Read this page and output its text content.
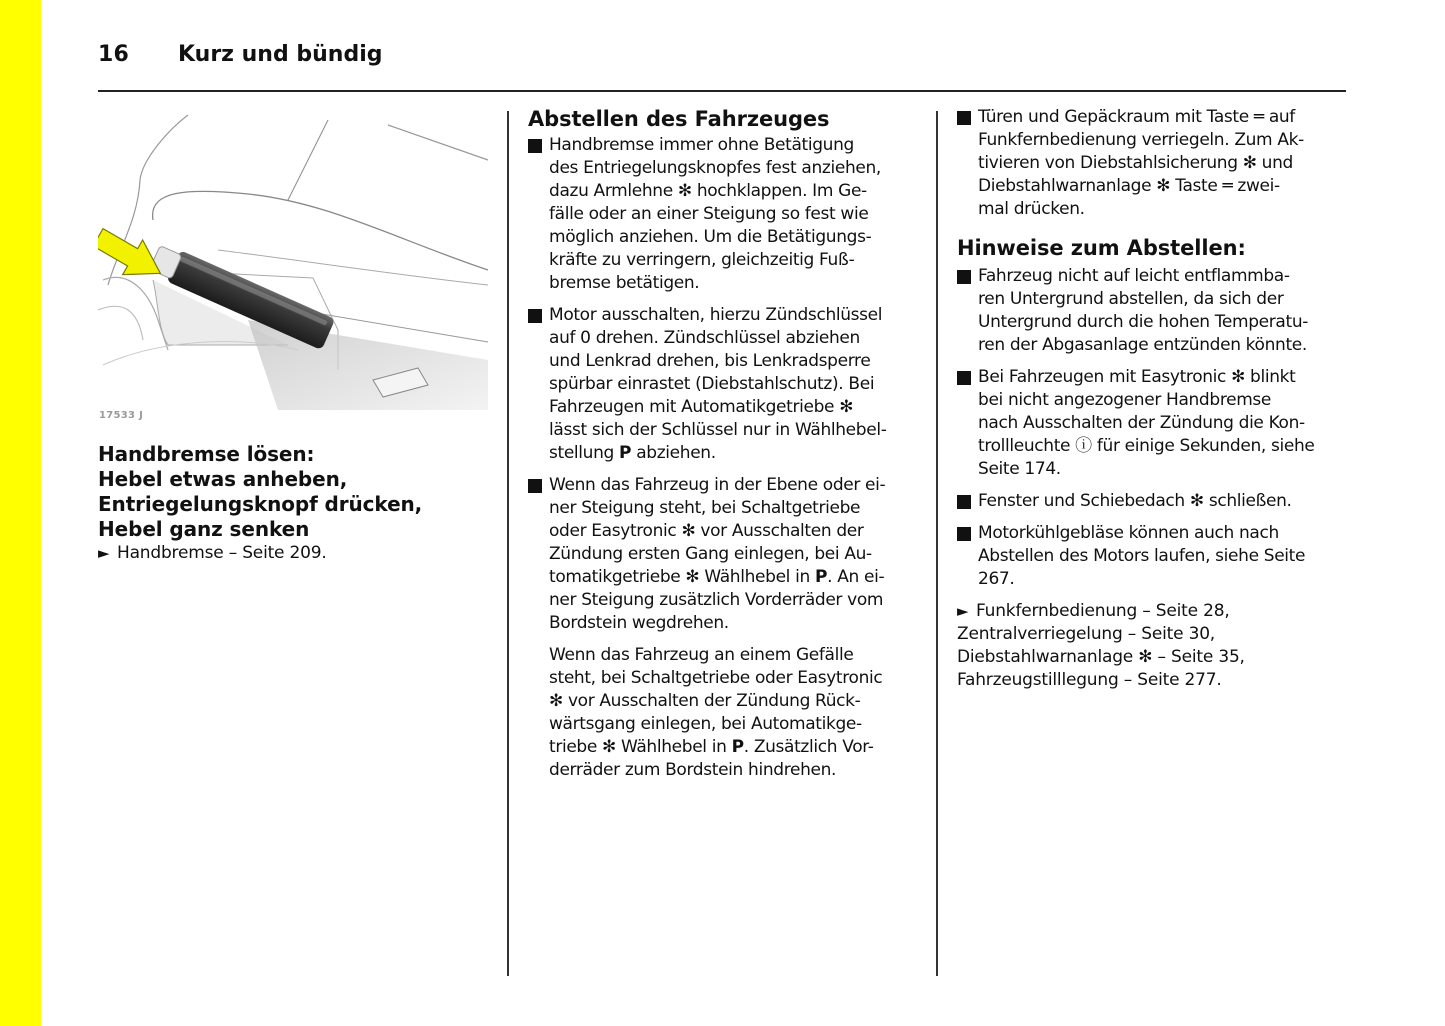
16 Kurz und bündig
17533 J
Handbremse lösen:
Hebel etwas anheben,
Entriegelungsknopf drücken,
Hebel ganz senken
► Handbremse – Seite 209.
Abstellen des Fahrzeuges
Handbremse immer ohne Betätigung
des Entriegelungsknopfes fest anziehen,
dazu Armlehne ✻ hochklappen. Im Ge-
fälle oder an einer Steigung so fest wie
möglich anziehen. Um die Betätigungs-
kräfte zu verringern, gleichzeitig Fuß-
bremse betätigen.
Motor ausschalten, hierzu Zündschlüssel
auf 0 drehen. Zündschlüssel abziehen
und Lenkrad drehen, bis Lenkradsperre
spürbar einrastet (Diebstahlschutz). Bei
Fahrzeugen mit Automatikgetriebe ✻
lässt sich der Schlüssel nur in Wählhebel-
stellung P abziehen.
Wenn das Fahrzeug in der Ebene oder ei-
ner Steigung steht, bei Schaltgetriebe
oder Easytronic ✻ vor Ausschalten der
Zündung ersten Gang einlegen, bei Au-
tomatikgetriebe ✻ Wählhebel in P. An ei-
ner Steigung zusätzlich Vorderräder vom
Bordstein wegdrehen.
Wenn das Fahrzeug an einem Gefälle
steht, bei Schaltgetriebe oder Easytronic
✻ vor Ausschalten der Zündung Rück-
wärtsgang einlegen, bei Automatikge-
triebe ✻ Wählhebel in P. Zusätzlich Vor-
derräder zum Bordstein hindrehen.
Türen und Gepäckraum mit Taste ═ auf
Funkfernbedienung verriegeln. Zum Ak-
tivieren von Diebstahlsicherung ✻ und
Diebstahlwarnanlage ✻ Taste ═ zwei-
mal drücken.
Hinweise zum Abstellen:
Fahrzeug nicht auf leicht entflammba-
ren Untergrund abstellen, da sich der
Untergrund durch die hohen Temperatu-
ren der Abgasanlage entzünden könnte.
Bei Fahrzeugen mit Easytronic ✻ blinkt
bei nicht angezogener Handbremse
nach Ausschalten der Zündung die Kon-
trollleuchte ⓘ für einige Sekunden, siehe
Seite 174.
Fenster und Schiebedach ✻ schließen.
Motorkühlgebläse können auch nach
Abstellen des Motors laufen, siehe Seite
267.
► Funkfernbedienung – Seite 28,
Zentralverriegelung – Seite 30,
Diebstahlwarnanlage ✻ – Seite 35,
Fahrzeugstilllegung – Seite 277.
